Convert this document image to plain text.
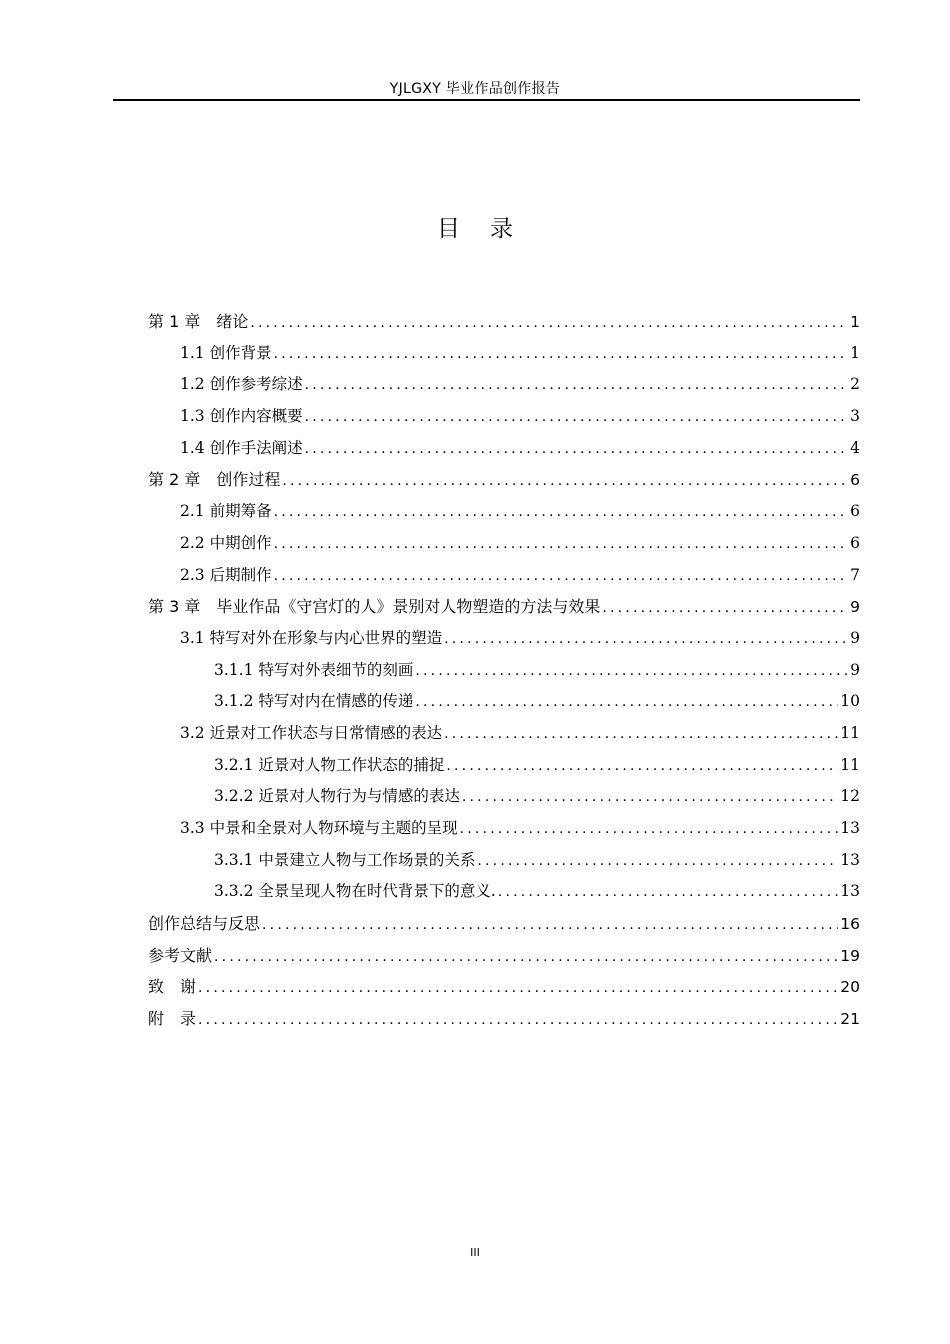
YJLGXY 毕业作品创作报告
目录
第 1 章　绪论 .....	1
1.1 创作背景 .....	1
1.2 创作参考综述 .....	2
1.3 创作内容概要 .....	3
1.4 创作手法阐述 .....	4
第 2 章　创作过程 .....	6
2.1 前期筹备 .....	6
2.2 中期创作 .....	6
2.3 后期制作 .....	7
第 3 章　毕业作品《守宫灯的人》景别对人物塑造的方法与效果 .....	9
3.1 特写对外在形象与内心世界的塑造 .....	9
3.1.1 特写对外表细节的刻画 .....	9
3.1.2 特写对内在情感的传递 .....	10
3.2 近景对工作状态与日常情感的表达 .....	11
3.2.1 近景对人物工作状态的捕捉 .....	11
3.2.2 近景对人物行为与情感的表达 .....	12
3.3 中景和全景对人物环境与主题的呈现 .....	13
3.3.1 中景建立人物与工作场景的关系 .....	13
3.3.2 全景呈现人物在时代背景下的意义. .....	13
创作总结与反思 .....	16
参考文献 .....	19
致　谢 .....	20
附　录 .....	21
III
